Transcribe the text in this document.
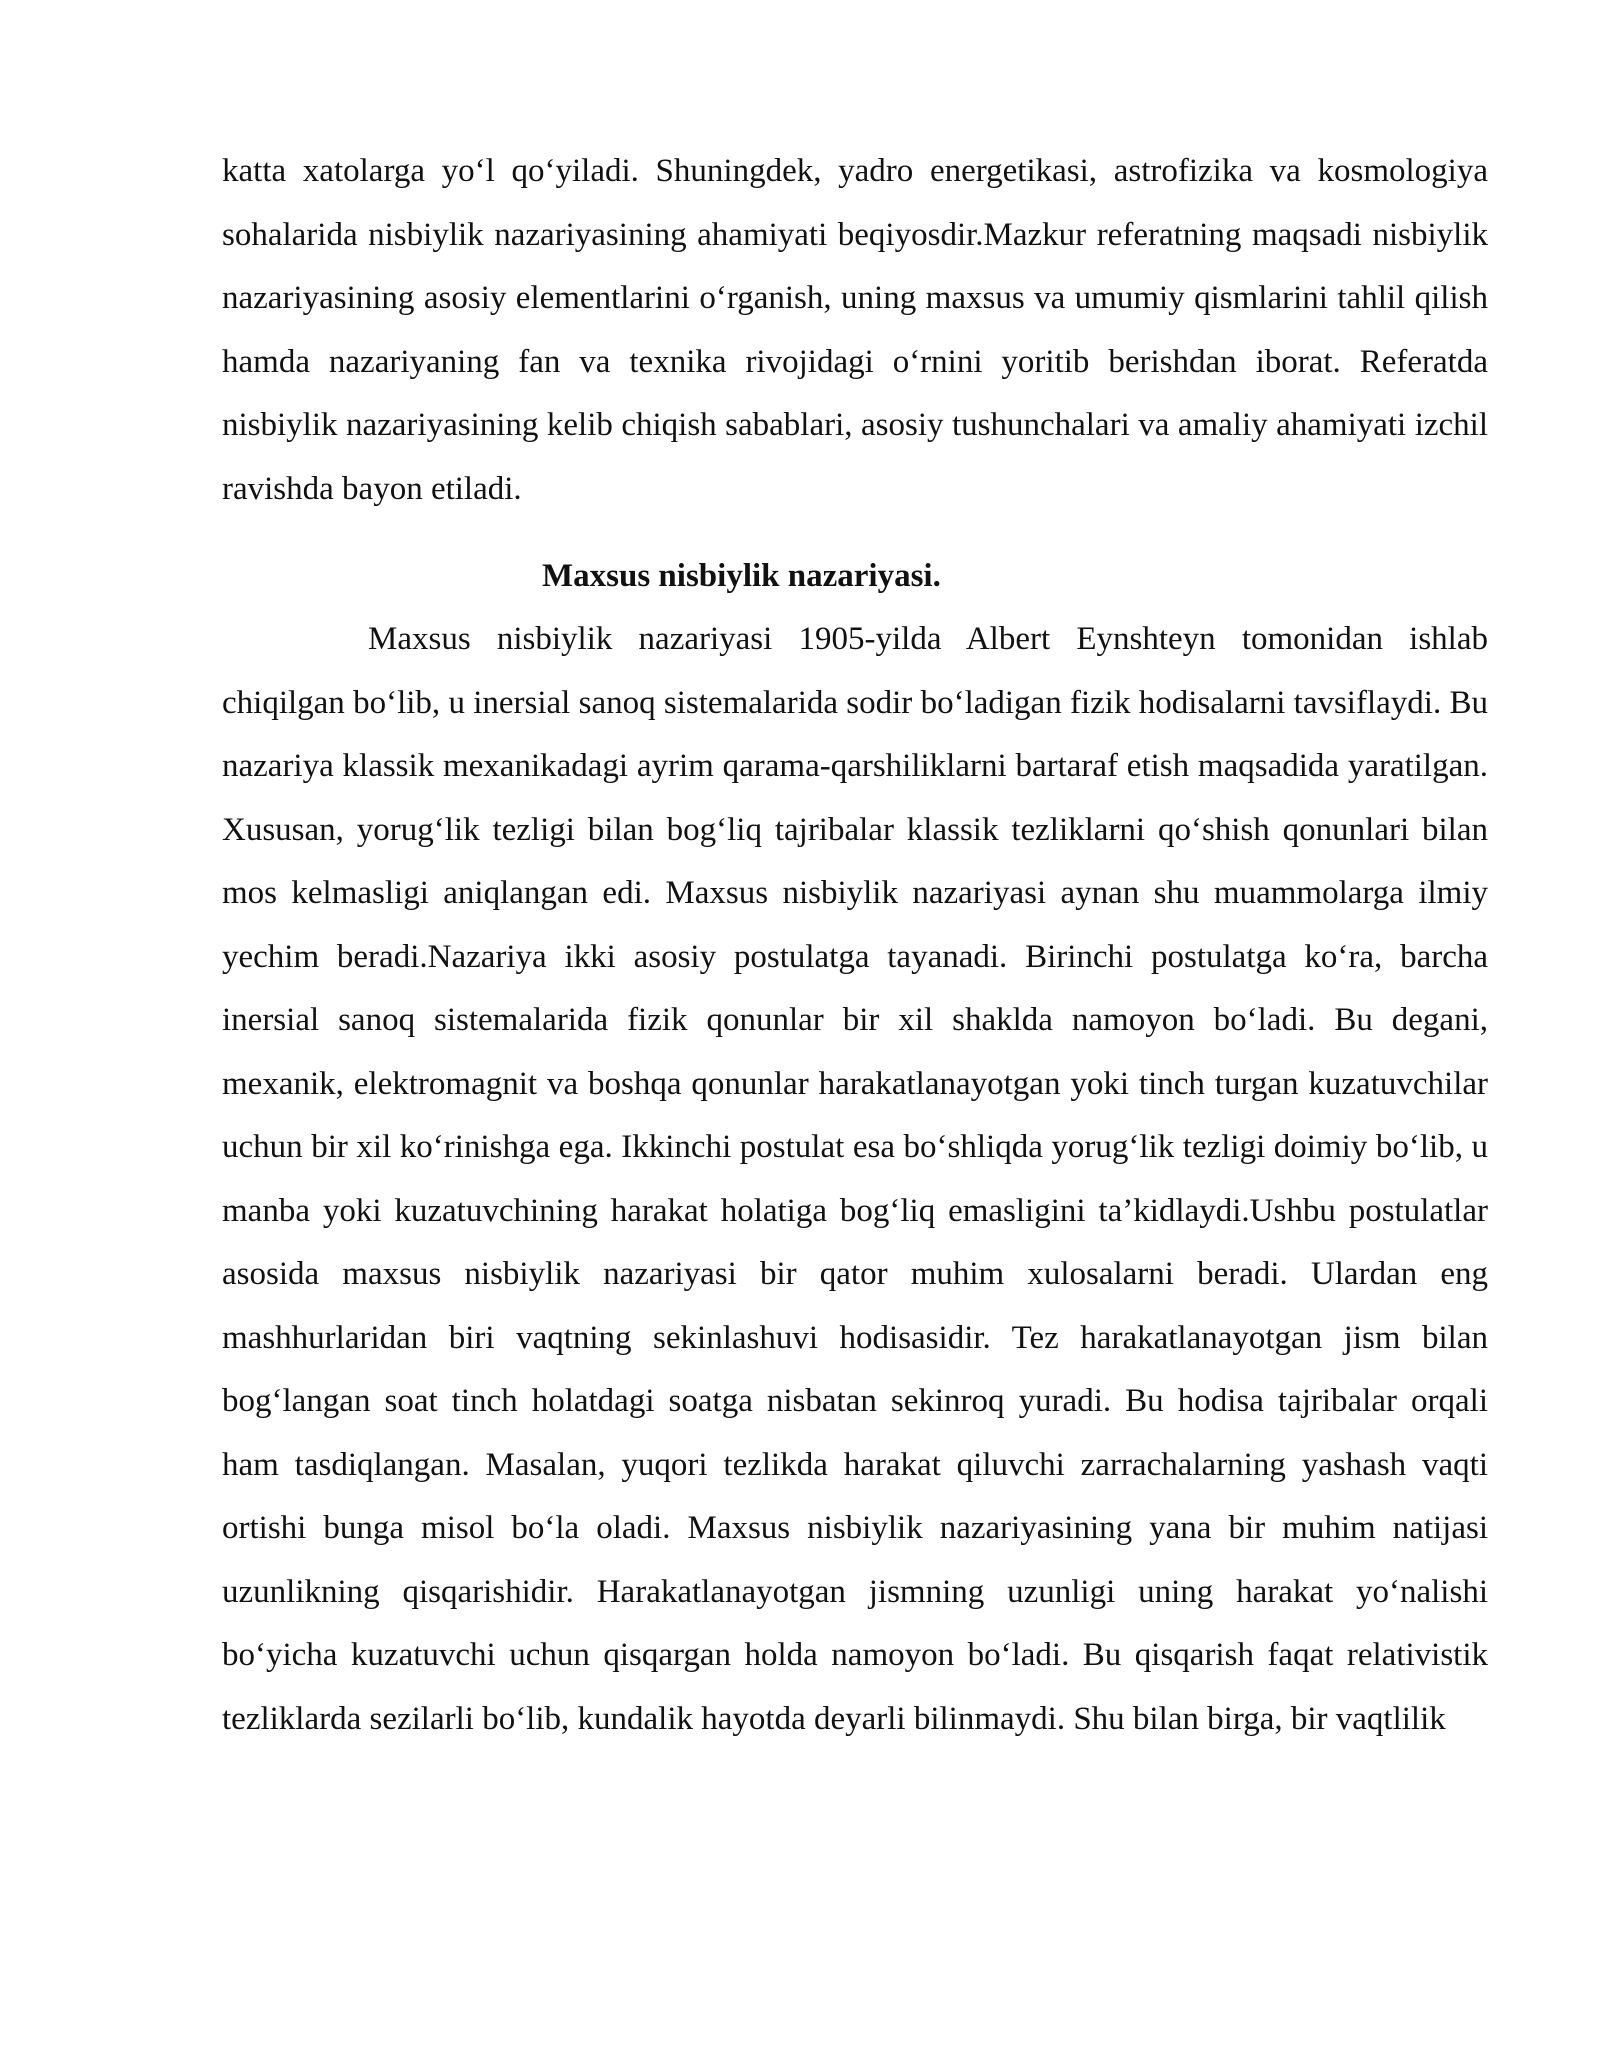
katta xatolarga yo‘l qo‘yiladi. Shuningdek, yadro energetikasi, astrofizika va kosmologiya sohalarida nisbiylik nazariyasining ahamiyati beqiyosdir.Mazkur referatning maqsadi nisbiylik nazariyasining asosiy elementlarini o‘rganish, uning maxsus va umumiy qismlarini tahlil qilish hamda nazariyaning fan va texnika rivojidagi o‘rnini yoritib berishdan iborat. Referatda nisbiylik nazariyasining kelib chiqish sabablari, asosiy tushunchalari va amaliy ahamiyati izchil ravishda bayon etiladi.

Maxsus nisbiylik nazariyasi.

Maxsus nisbiylik nazariyasi 1905-yilda Albert Eynshteyn tomonidan ishlab chiqilgan bo‘lib, u inersial sanoq sistemalarida sodir bo‘ladigan fizik hodisalarni tavsiflaydi. Bu nazariya klassik mexanikadagi ayrim qarama-qarshiliklarni bartaraf etish maqsadida yaratilgan. Xususan, yorug‘lik tezligi bilan bog‘liq tajribalar klassik tezliklarni qo‘shish qonunlari bilan mos kelmasligi aniqlangan edi. Maxsus nisbiylik nazariyasi aynan shu muammolarga ilmiy yechim beradi.Nazariya ikki asosiy postulatga tayanadi. Birinchi postulatga ko‘ra, barcha inersial sanoq sistemalarida fizik qonunlar bir xil shaklda namoyon bo‘ladi. Bu degani, mexanik, elektromagnit va boshqa qonunlar harakatlanayotgan yoki tinch turgan kuzatuvchilar uchun bir xil ko‘rinishga ega. Ikkinchi postulat esa bo‘shliqda yorug‘lik tezligi doimiy bo‘lib, u manba yoki kuzatuvchining harakat holatiga bog‘liq emasligini ta’kidlaydi.Ushbu postulatlar asosida maxsus nisbiylik nazariyasi bir qator muhim xulosalarni beradi. Ulardan eng mashhurlaridan biri vaqtning sekinlashuvi hodisasidir. Tez harakatlanayotgan jism bilan bog‘langan soat tinch holatdagi soatga nisbatan sekinroq yuradi. Bu hodisa tajribalar orqali ham tasdiqlangan. Masalan, yuqori tezlikda harakat qiluvchi zarrachalarning yashash vaqti ortishi bunga misol bo‘la oladi. Maxsus nisbiylik nazariyasining yana bir muhim natijasi uzunlikning qisqarishidir. Harakatlanayotgan jismning uzunligi uning harakat yo‘nalishi bo‘yicha kuzatuvchi uchun qisqargan holda namoyon bo‘ladi. Bu qisqarish faqat relativistik tezliklarda sezilarli bo‘lib, kundalik hayotda deyarli bilinmaydi. Shu bilan birga, bir vaqtlilik
